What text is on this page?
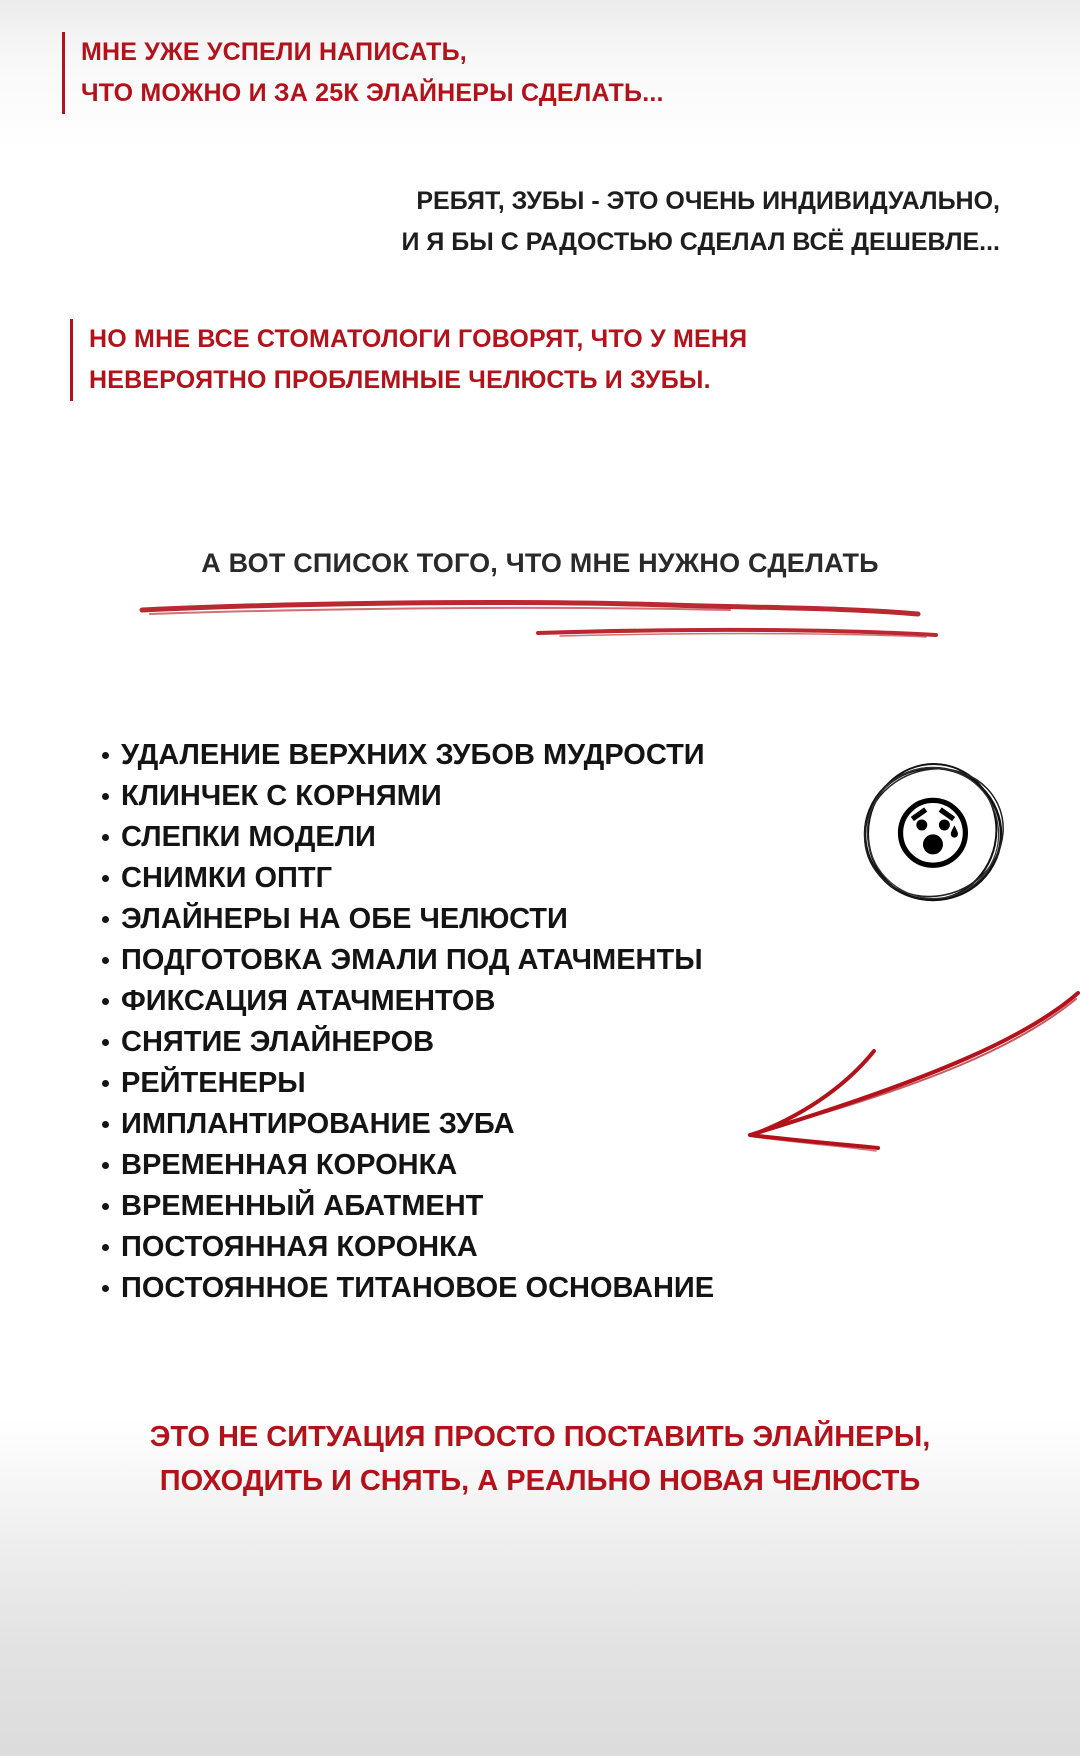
МНЕ УЖЕ УСПЕЛИ НАПИСАТЬ,
ЧТО МОЖНО И ЗА 25К ЭЛАЙНЕРЫ СДЕЛАТЬ...
РЕБЯТ, ЗУБЫ - ЭТО ОЧЕНЬ ИНДИВИДУАЛЬНО,
И Я БЫ С РАДОСТЬЮ СДЕЛАЛ ВСЁ ДЕШЕВЛЕ...
НО МНЕ ВСЕ СТОМАТОЛОГИ ГОВОРЯТ, ЧТО У МЕНЯ
НЕВЕРОЯТНО ПРОБЛЕМНЫЕ ЧЕЛЮСТЬ И ЗУБЫ.
А ВОТ СПИСОК ТОГО, ЧТО МНЕ НУЖНО СДЕЛАТЬ
УДАЛЕНИЕ ВЕРХНИХ ЗУБОВ МУДРОСТИ
КЛИНЧЕК С КОРНЯМИ
СЛЕПКИ МОДЕЛИ
СНИМКИ ОПТГ
ЭЛАЙНЕРЫ НА ОБЕ ЧЕЛЮСТИ
ПОДГОТОВКА ЭМАЛИ ПОД АТАЧМЕНТЫ
ФИКСАЦИЯ АТАЧМЕНТОВ
СНЯТИЕ ЭЛАЙНЕРОВ
РЕЙТЕНЕРЫ
ИМПЛАНТИРОВАНИЕ ЗУБА
ВРЕМЕННАЯ КОРОНКА
ВРЕМЕННЫЙ АБАТМЕНТ
ПОСТОЯННАЯ КОРОНКА
ПОСТОЯННОЕ ТИТАНОВОЕ ОСНОВАНИЕ
😰
ЭТО НЕ СИТУАЦИЯ ПРОСТО ПОСТАВИТЬ ЭЛАЙНЕРЫ,
ПОХОДИТЬ И СНЯТЬ, А РЕАЛЬНО НОВАЯ ЧЕЛЮСТЬ
